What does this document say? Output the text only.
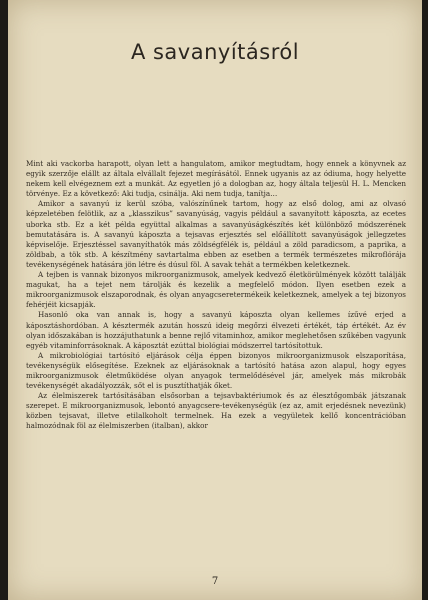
A savanyításról

Mint aki vackorba harapott, olyan lett a hangulatom, amikor megtudtam, hogy ennek a könyvnek az egyik szerzője elállt az általa elvállalt fejezet megírásától. Ennek ugyanis az az ódiuma, hogy helyette nekem kell elvégeznem ezt a munkát. Az egyetlen jó a dologban az, hogy általa teljesül H. L. Mencken törvénye. Ez a következő: Aki tudja, csinálja. Aki nem tudja, tanítja…

Amikor a savanyú iz kerül szóba, valószínűnek tartom, hogy az első dolog, ami az olvasó képzeletében felötlik, az a „klasszikus” savanyúság, vagyis például a savanyított káposzta, az ecetes uborka stb. Ez a két példa együttal alkalmas a savanyúságkészítés két különböző módszerének bemutatására is. A savanyú káposzta a tejsavas erjesztés sel előállított savanyúságok jellegzetes képviselője. Erjesztéssel savanyíthatók más zöldségfélék is, például a zöld paradicsom, a paprika, a zöldbab, a tök stb. A készítmény savtartalma ebben az esetben a termék természetes mikroflórája tevékenységének hatására jön létre és dúsul föl. A savak tehát a termékben keletkeznek.

A tejben is vannak bizonyos mikroorganizmusok, amelyek kedvező életkörülmények között találják magukat, ha a tejet nem tárolják és kezelik a megfelelő módon. Ilyen esetben ezek a mikroorganizmusok elszaporodnak, és olyan anyagcseretermékeik keletkeznek, amelyek a tej bizonyos fehérjéit kicsapják.

Hasonló oka van annak is, hogy a savanyú káposzta olyan kellemes ízűvé erjed a káposztáshordóban. A késztermék azután hosszú ideig megőrzi élvezeti értékét, táp értékét. Az év olyan időszakában is hozzájuthatunk a benne rejlő vitaminhoz, amikor meglehetősen szűkében vagyunk egyéb vitaminforrásoknak. A káposztát ezúttal biológiai módszerrel tartósítottuk.

A mikrobiológiai tartósító eljárások célja éppen bizonyos mikroorganizmusok elszaporítása, tevékenységük elősegítése. Ezeknek az eljárásoknak a tartósító hatása azon alapul, hogy egyes mikroorganizmusok életműködése olyan anyagok termelődésével jár, amelyek más mikrobák tevékenységét akadályozzák, sőt el is pusztíthatják őket.

Az élelmiszerek tartósításában elsősorban a tejsavbaktériumok és az élesztőgombák játszanak szerepet. E mikroorganizmusok, lebontó anyagcsere-tevékenységük (ez az, amit erjedésnek nevezünk) közben tejsavat, illetve etilalkoholt termelnek. Ha ezek a vegyületek kellő koncentrációban halmozódnak föl az élelmiszerben (italban), akkor

7
